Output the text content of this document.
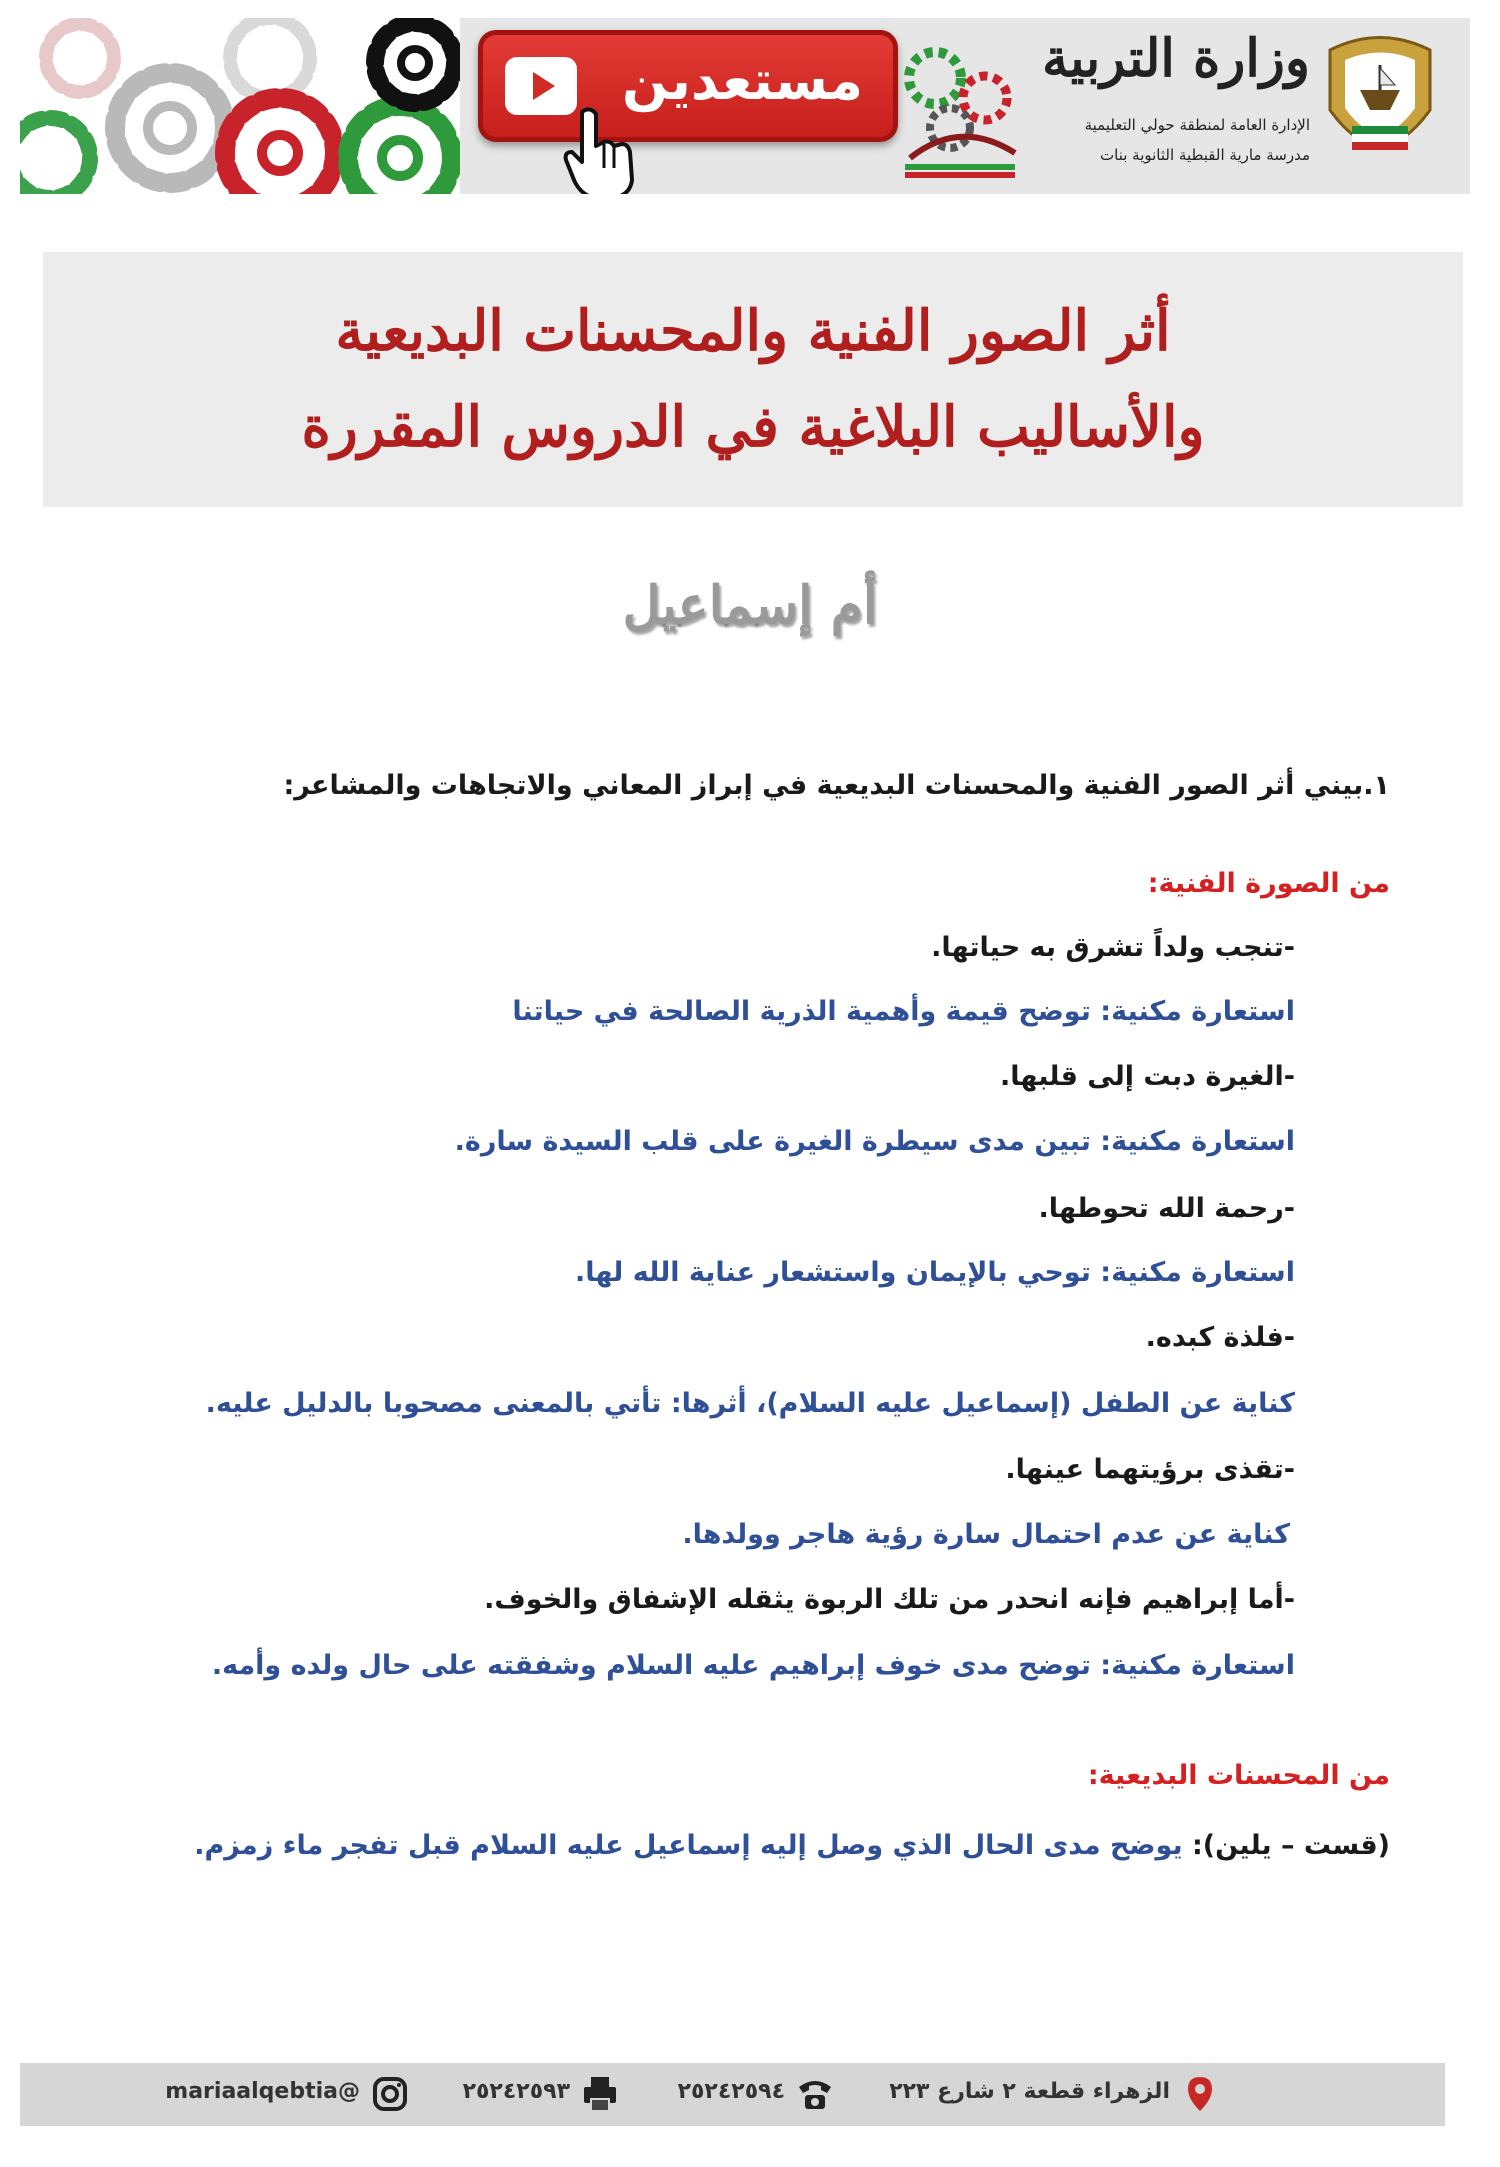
وزارة التربية
الإدارة العامة لمنطقة حولي التعليمية
مدرسة مارية القبطية الثانوية بنات
مستعدين
أثر الصور الفنية والمحسنات البديعية
والأساليب البلاغية في الدروس المقررة
أم إسماعيل
١.بيني أثر الصور الفنية والمحسنات البديعية في إبراز المعاني والاتجاهات والمشاعر:
من الصورة الفنية:
-تنجب ولداً تشرق به حياتها.
استعارة مكنية: توضح قيمة وأهمية الذرية الصالحة في حياتنا
-الغيرة دبت إلى قلبها.
استعارة مكنية: تبين مدى سيطرة الغيرة على قلب السيدة سارة.
-رحمة الله تحوطها.
استعارة مكنية: توحي بالإيمان واستشعار عناية الله لها.
-فلذة كبده.
كناية عن الطفل (إسماعيل عليه السلام)، أثرها: تأتي بالمعنى مصحوبا بالدليل عليه.
-تقذى برؤيتهما عينها.
كناية عن عدم احتمال سارة رؤية هاجر وولدها.
-أما إبراهيم فإنه انحدر من تلك الربوة يثقله الإشفاق والخوف.
استعارة مكنية: توضح مدى خوف إبراهيم عليه السلام وشفقته على حال ولده وأمه.
من المحسنات البديعية:
(قست – يلين): يوضح مدى الحال الذي وصل إليه إسماعيل عليه السلام قبل تفجر ماء زمزم.
الزهراء قطعة ٢ شارع ٢٢٣
٢٥٢٤٢٥٩٤
٢٥٢٤٢٥٩٣
@mariaalqebtia
